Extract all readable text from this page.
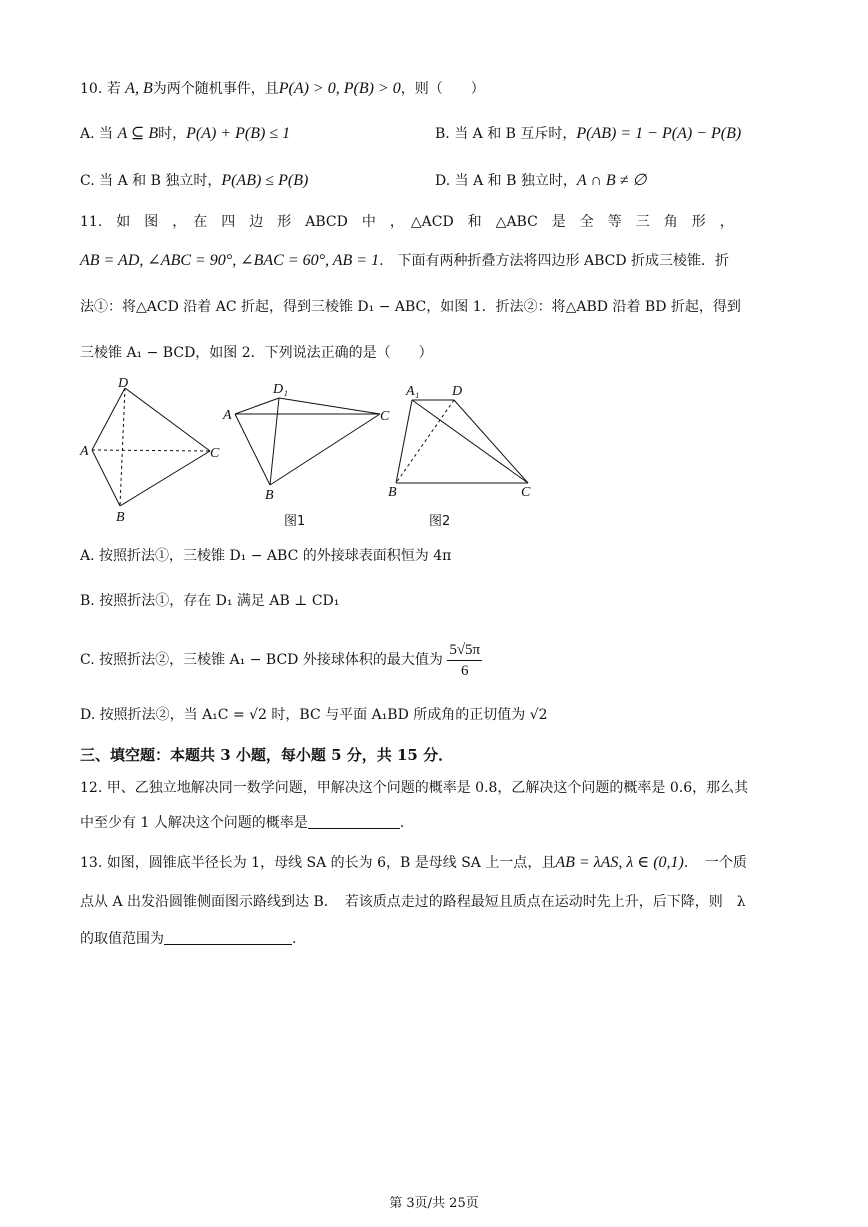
10. 若 A, B为两个随机事件，且P(A) > 0, P(B) > 0，则（　　）
A. 当 A ⊆ B时，P(A) + P(B) ≤ 1	B. 当 A 和 B 互斥时，P(AB) = 1 − P(A) − P(B)
C. 当 A 和 B 独立时，P(AB) ≤ P(B)	D. 当 A 和 B 独立时，A ∩ B ≠ ∅
11.　如　图　，　在　四　边　形　ABCD　中　，　△ACD　和　△ABC　是　全　等　三　角　形　，
AB = AD, ∠ABC = 90°, ∠BAC = 60°, AB = 1.　下面有两种折叠方法将四边形 ABCD 折成三棱锥．折
法①：将△ACD 沿着 AC 折起，得到三棱锥 D₁ − ABC，如图 1．折法②：将△ABD 沿着 BD 折起，得到
三棱锥 A₁ − BCD，如图 2．下列说法正确的是（　　）
D
A	C
B
D₁
A	C
B
图1
A₁ D
B	C
图2
A. 按照折法①，三棱锥 D₁ − ABC 的外接球表面积恒为 4π
B. 按照折法①，存在 D₁ 满足 AB ⊥ CD₁
C. 按照折法②，三棱锥 A₁ − BCD 外接球体积的最大值为 $\frac{5√5\pi}{6}$
D. 按照折法②，当 A₁C = √2 时，BC 与平面 A₁BD 所成角的正切值为 √2
三、填空题：本题共 3 小题，每小题 5 分，共 15 分．
12. 甲、乙独立地解决同一数学问题，甲解决这个问题的概率是 0.8，乙解决这个问题的概率是 0.6，那么其
中至少有 1 人解决这个问题的概率是	.
13. 如图，圆锥底半径长为 1，母线 SA 的长为 6，B 是母线 SA 上一点，且AB = λAS, λ ∈ (0,1)．　一个质
点从 A 出发沿圆锥侧面图示路线到达 B．　若该质点走过的路程最短且质点在运动时先上升，后下降，则　λ
的取值范围为	.
第 3页/共 25页
